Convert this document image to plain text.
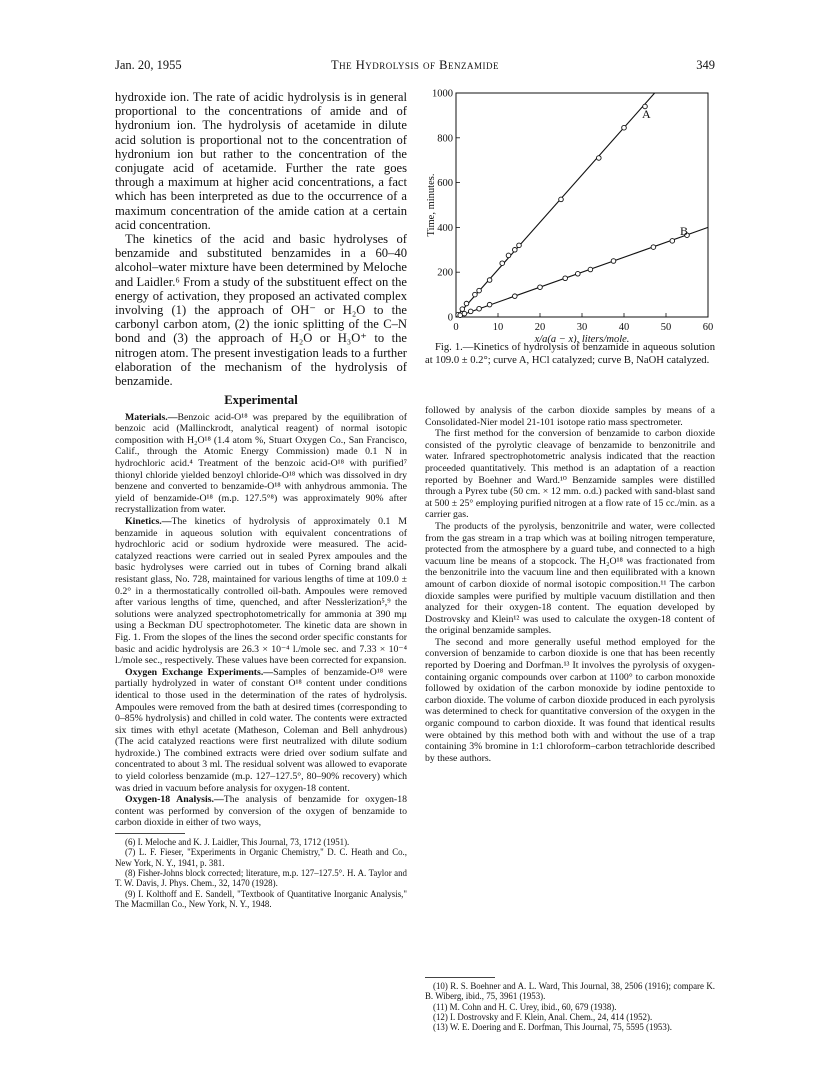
Jan. 20, 1955	The Hydrolysis of Benzamide	349

hydroxide ion. The rate of acidic hydrolysis is in general proportional to the concentrations of amide and of hydronium ion. The hydrolysis of acetamide in dilute acid solution is proportional not to the concentration of hydronium ion but rather to the concentration of the conjugate acid of acetamide. Further the rate goes through a maximum at higher acid concentrations, a fact which has been interpreted as due to the occurrence of a maximum concentration of the amide cation at a certain acid concentration.

The kinetics of the acid and basic hydrolyses of benzamide and substituted benzamides in a 60–40 alcohol–water mixture have been determined by Meloche and Laidler.⁶ From a study of the substituent effect on the energy of activation, they proposed an activated complex involving (1) the approach of OH⁻ or H₂O to the carbonyl carbon atom, (2) the ionic splitting of the C–N bond and (3) the approach of H₂O or H₃O⁺ to the nitrogen atom. The present investigation leads to a further elaboration of the mechanism of the hydrolysis of benzamide.

Experimental

Materials.—Benzoic acid-O¹⁸ was prepared by the equilibration of benzoic acid (Mallinckrodt, analytical reagent) of normal isotopic composition with H₂O¹⁸ (1.4 atom %, Stuart Oxygen Co., San Francisco, Calif., through the Atomic Energy Commission) made 0.1 N in hydrochloric acid.⁴ Treatment of the benzoic acid-O¹⁸ with purified⁷ thionyl chloride yielded benzoyl chloride-O¹⁸ which was dissolved in dry benzene and converted to benzamide-O¹⁸ with anhydrous ammonia. The yield of benzamide-O¹⁸ (m.p. 127.5°⁸) was approximately 90% after recrystallization from water.

Kinetics.—The kinetics of hydrolysis of approximately 0.1 M benzamide in aqueous solution with equivalent concentrations of hydrochloric acid or sodium hydroxide were measured. The acid-catalyzed reactions were carried out in sealed Pyrex ampoules and the basic hydrolyses were carried out in tubes of Corning brand alkali resistant glass, No. 728, maintained for various lengths of time at 109.0 ± 0.2° in a thermostatically controlled oil-bath. Ampoules were removed after various lengths of time, quenched, and after Nesslerization⁵,⁹ the solutions were analyzed spectrophotometrically for ammonia at 390 mμ using a Beckman DU spectrophotometer. The kinetic data are shown in Fig. 1. From the slopes of the lines the second order specific constants for basic and acidic hydrolysis are 26.3 × 10⁻⁴ l./mole sec. and 7.33 × 10⁻⁴ l./mole sec., respectively. These values have been corrected for expansion.

Oxygen Exchange Experiments.—Samples of benzamide-O¹⁸ were partially hydrolyzed in water of constant O¹⁸ content under conditions identical to those used in the determination of the rates of hydrolysis. Ampoules were removed from the bath at desired times (corresponding to 0–85% hydrolysis) and chilled in cold water. The contents were extracted six times with ethyl acetate (Matheson, Coleman and Bell anhydrous) (The acid catalyzed reactions were first neutralized with dilute sodium hydroxide.) The combined extracts were dried over sodium sulfate and concentrated to about 3 ml. The residual solvent was allowed to evaporate to yield colorless benzamide (m.p. 127–127.5°, 80–90% recovery) which was dried in vacuum before analysis for oxygen-18 content.

Oxygen-18 Analysis.—The analysis of benzamide for oxygen-18 content was performed by conversion of the oxygen of benzamide to carbon dioxide in either of two ways,

(6) I. Meloche and K. J. Laidler, This Journal, 73, 1712 (1951).

(7) L. F. Fieser, "Experiments in Organic Chemistry," D. C. Heath and Co., New York, N. Y., 1941, p. 381.

(8) Fisher-Johns block corrected; literature, m.p. 127–127.5°. H. A. Taylor and T. W. Davis, J. Phys. Chem., 32, 1470 (1928).

(9) I. Kolthoff and E. Sandell, "Textbook of Quantitative Inorganic Analysis," The Macmillan Co., New York, N. Y., 1948.

0	10	20	30	40	50	60
0
200
400
600
800
1000
x/a(a − x), liters/mole.
Time, minutes.
A
B

Fig. 1.—Kinetics of hydrolysis of benzamide in aqueous solution at 109.0 ± 0.2°; curve A, HCl catalyzed; curve B, NaOH catalyzed.

followed by analysis of the carbon dioxide samples by means of a Consolidated-Nier model 21-101 isotope ratio mass spectrometer.

The first method for the conversion of benzamide to carbon dioxide consisted of the pyrolytic cleavage of benzamide to benzonitrile and water. Infrared spectrophotometric analysis indicated that the reaction proceeded quantitatively. This method is an adaptation of a reaction reported by Boehner and Ward.¹⁰ Benzamide samples were distilled through a Pyrex tube (50 cm. × 12 mm. o.d.) packed with sand-blast sand at 500 ± 25° employing purified nitrogen at a flow rate of 15 cc./min. as a carrier gas.

The products of the pyrolysis, benzonitrile and water, were collected from the gas stream in a trap which was at boiling nitrogen temperature, protected from the atmosphere by a guard tube, and connected to a high vacuum line be means of a stopcock. The H₂O¹⁸ was fractionated from the benzonitrile into the vacuum line and then equilibrated with a known amount of carbon dioxide of normal isotopic composition.¹¹ The carbon dioxide samples were purified by multiple vacuum distillation and then analyzed for their oxygen-18 content. The equation developed by Dostrovsky and Klein¹² was used to calculate the oxygen-18 content of the original benzamide samples.

The second and more generally useful method employed for the conversion of benzamide to carbon dioxide is one that has been recently reported by Doering and Dorfman.¹³ It involves the pyrolysis of oxygen-containing organic compounds over carbon at 1100° to carbon monoxide followed by oxidation of the carbon monoxide by iodine pentoxide to carbon dioxide. The volume of carbon dioxide produced in each pyrolysis was determined to check for quantitative conversion of the oxygen in the organic compound to carbon dioxide. It was found that identical results were obtained by this method both with and without the use of a trap containing 3% bromine in 1:1 chloroform–carbon tetrachloride described by these authors.

(10) R. S. Boehner and A. L. Ward, This Journal, 38, 2506 (1916); compare K. B. Wiberg, ibid., 75, 3961 (1953).

(11) M. Cohn and H. C. Urey, ibid., 60, 679 (1938).

(12) I. Dostrovsky and F. Klein, Anal. Chem., 24, 414 (1952).

(13) W. E. Doering and E. Dorfman, This Journal, 75, 5595 (1953).
